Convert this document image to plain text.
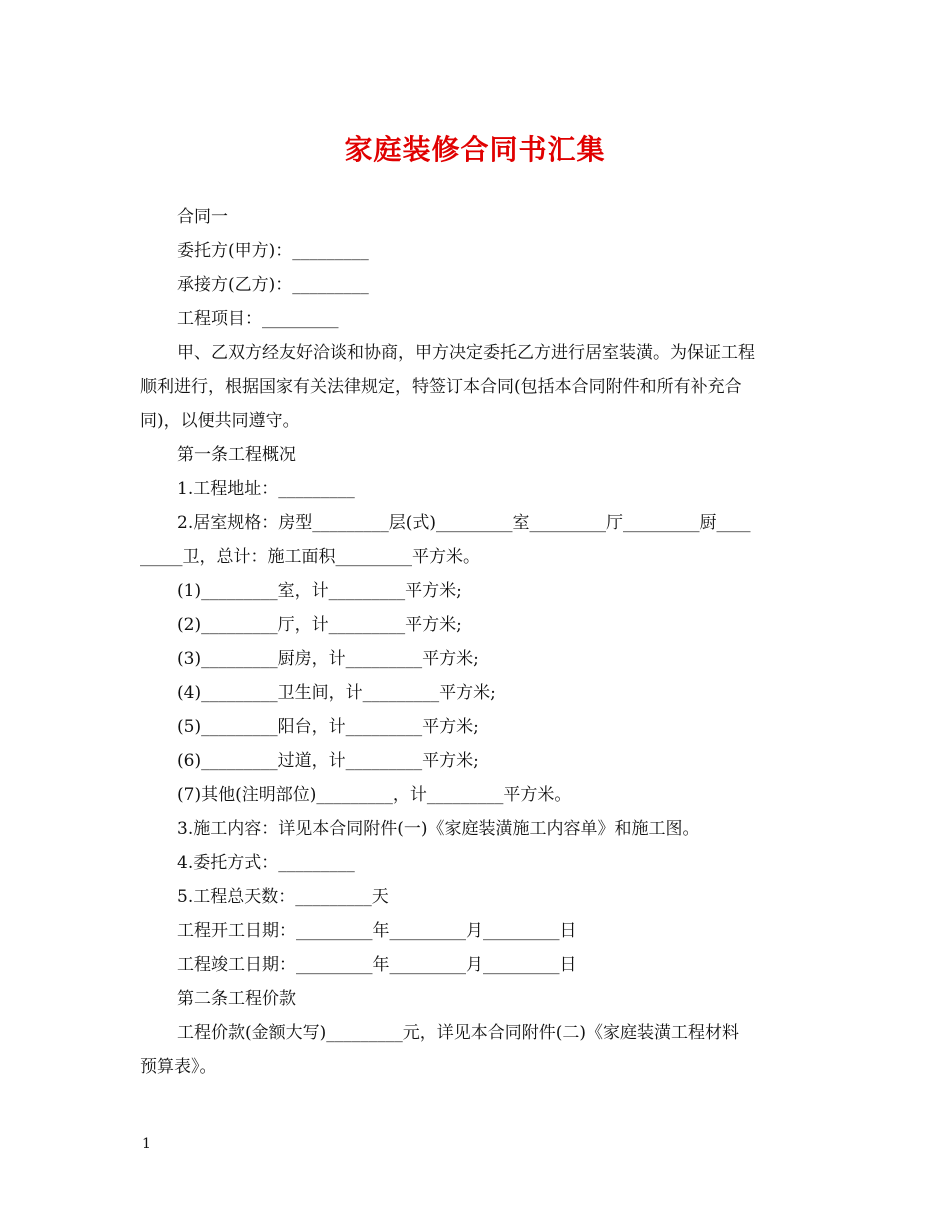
家庭装修合同书汇集

合同一

委托方(甲方)：_________

承接方(乙方)：_________

工程项目：_________

甲、乙双方经友好洽谈和协商，甲方决定委托乙方进行居室装潢。为保证工程

顺利进行，根据国家有关法律规定，特签订本合同(包括本合同附件和所有补充合

同)，以便共同遵守。

第一条工程概况

1.工程地址：_________

2.居室规格：房型_________层(式)_________室_________厅_________厨____

_____卫，总计：施工面积_________平方米。

(1)_________室，计_________平方米;

(2)_________厅，计_________平方米;

(3)_________厨房，计_________平方米;

(4)_________卫生间，计_________平方米;

(5)_________阳台，计_________平方米;

(6)_________过道，计_________平方米;

(7)其他(注明部位)_________，计_________平方米。

3.施工内容：详见本合同附件(一)《家庭装潢施工内容单》和施工图。

4.委托方式：_________

5.工程总天数：_________天

工程开工日期：_________年_________月_________日

工程竣工日期：_________年_________月_________日

第二条工程价款

工程价款(金额大写)_________元，详见本合同附件(二)《家庭装潢工程材料

预算表》。

1
